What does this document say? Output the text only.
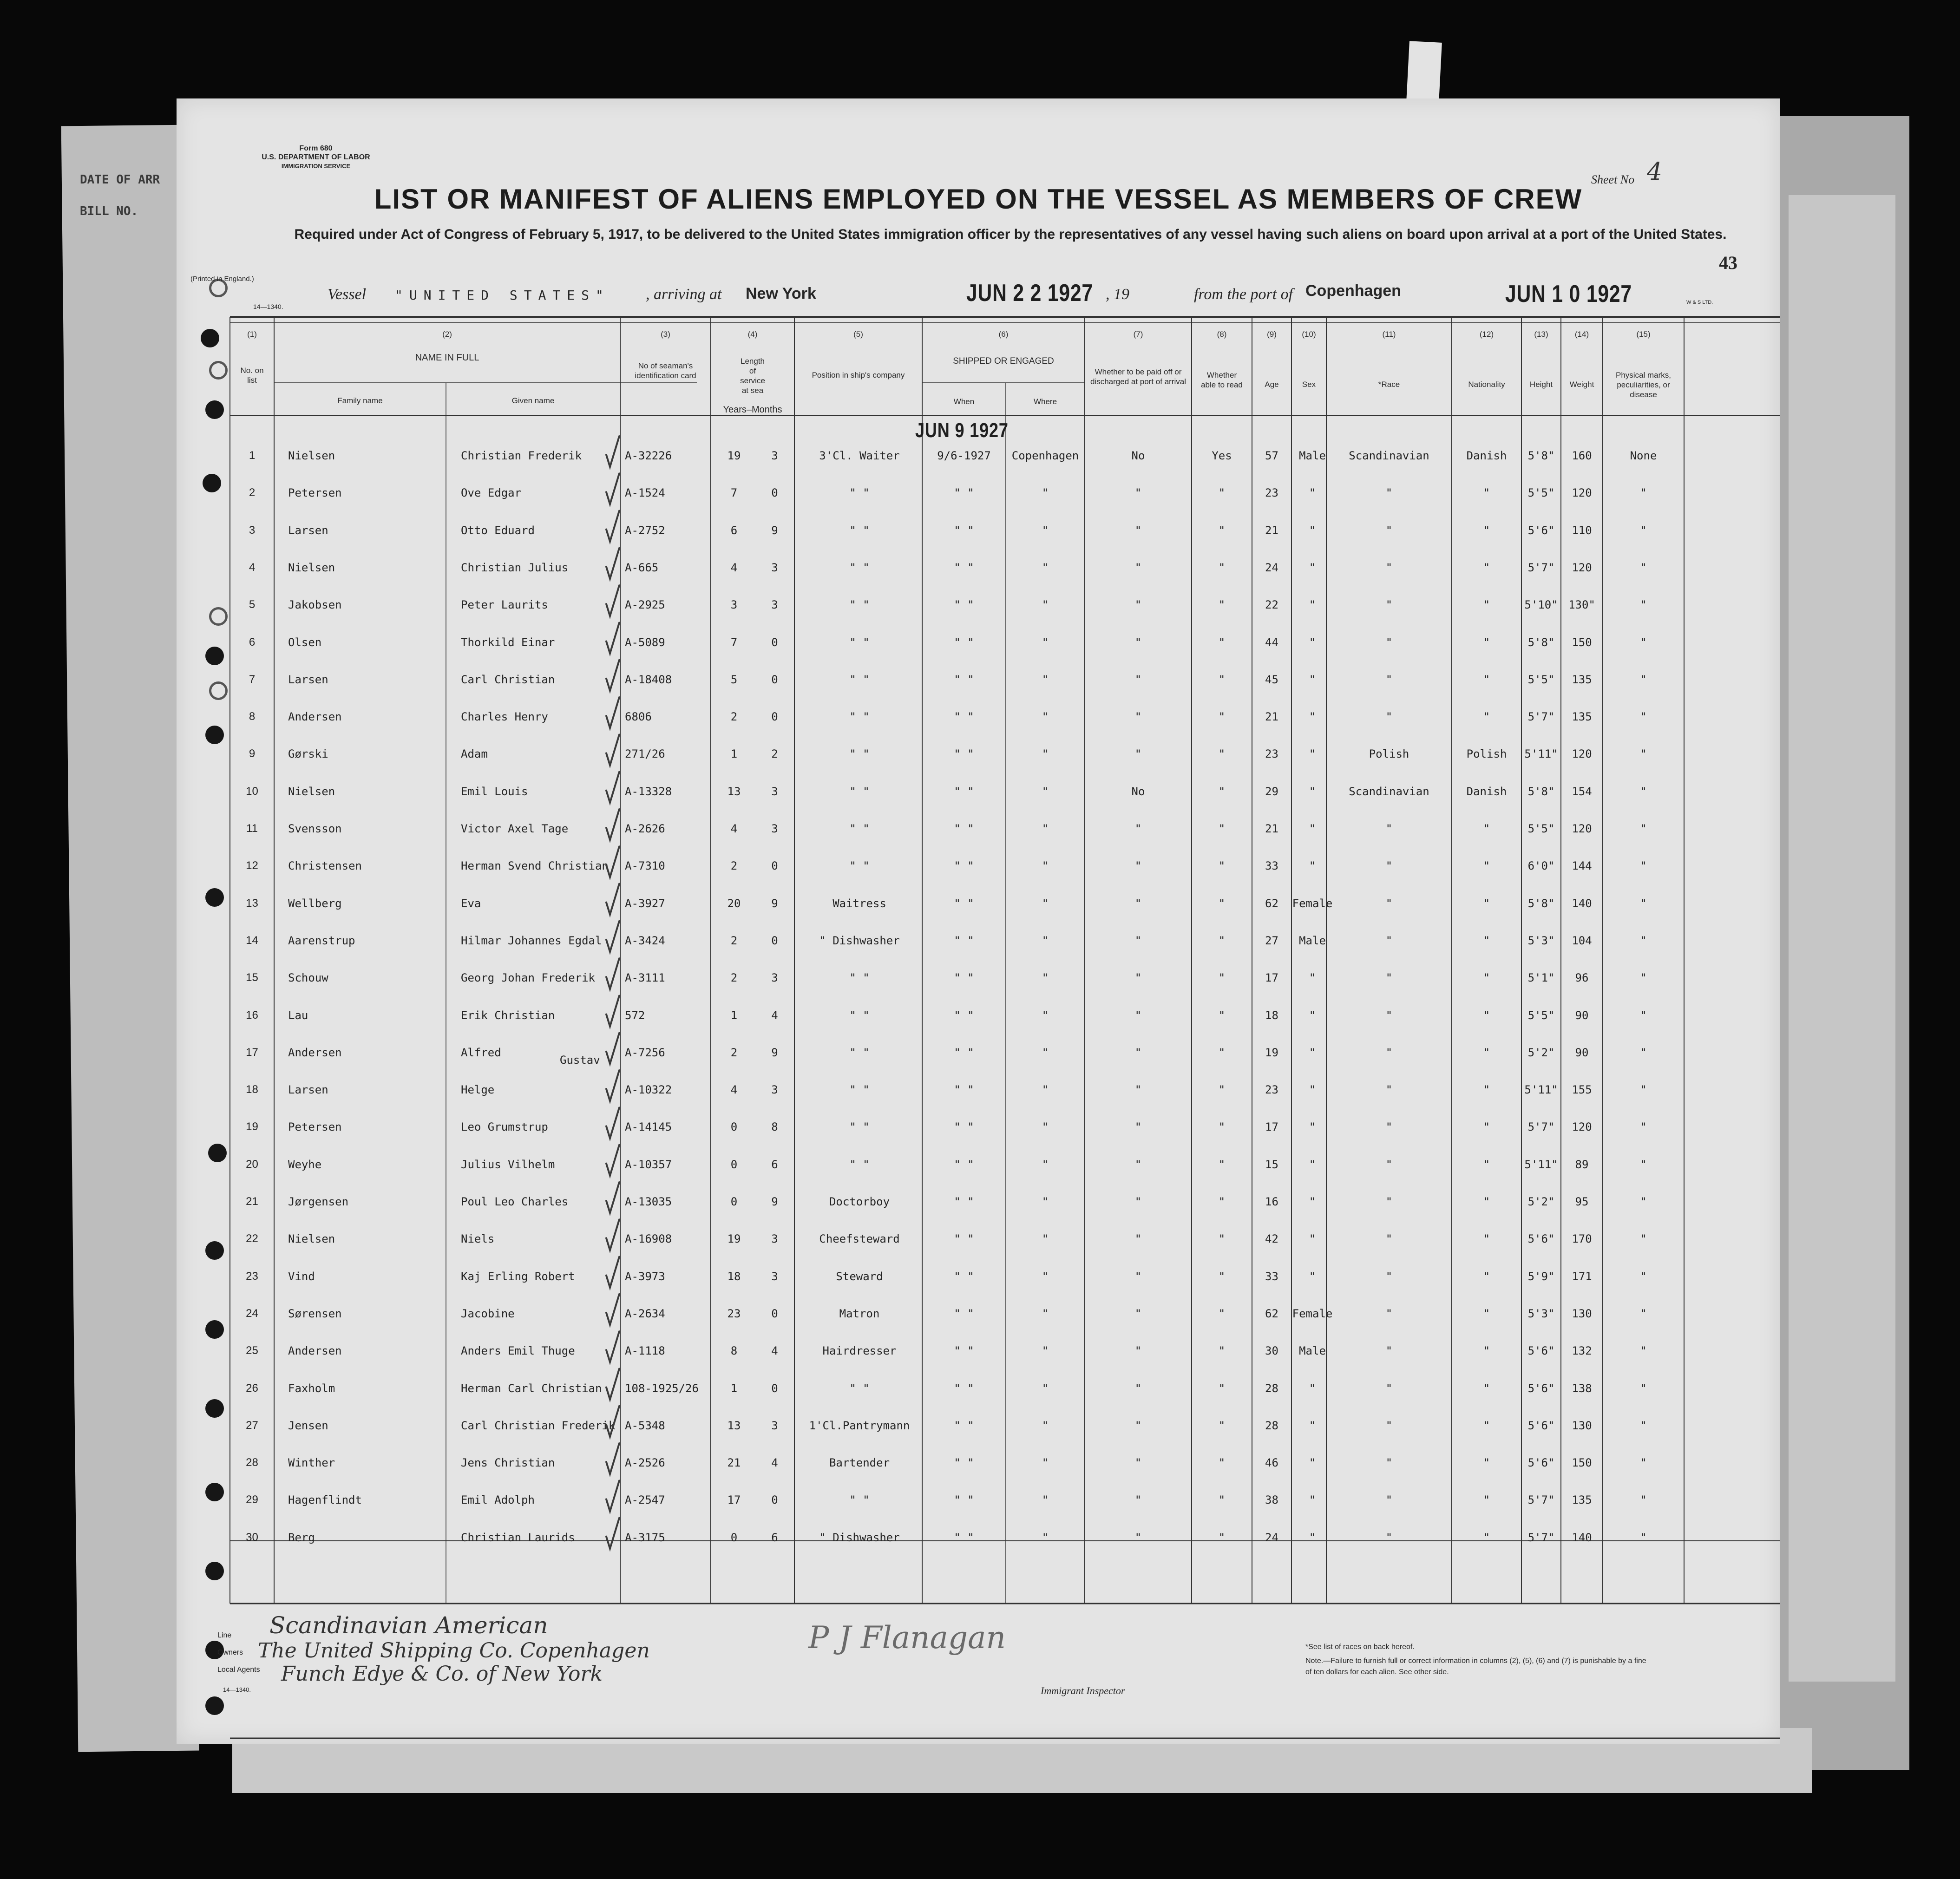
DATE OF ARR
BILL NO.
Form 680
U.S. DEPARTMENT OF LABOR
IMMIGRATION SERVICE
(Printed in England.)
14—1340.
Sheet No 4
43
LIST OR MANIFEST OF ALIENS EMPLOYED ON THE VESSEL AS MEMBERS OF CREW
Required under Act of Congress of February 5, 1917, to be delivered to the United States immigration officer by the representatives of any vessel having such aliens on board upon arrival at a port of the United States.
Vessel "UNITED STATES" , arriving at New York	JUN 2 2 1927 , 19	from the port of Copenhagen	JUN 1 0 1927	W & S LTD.
(1)	(2)	(3)	(4)	(5)	(6)	(7)	(8)	(9)	(10)	(11)	(12)	(13)	(14)	(15)
No. on list
NAME IN FULL
Family name	Given name
No of seaman's identification card
Length of service at sea
Years–Months
Position in ship's company
SHIPPED OR ENGAGED
When	Where
Whether to be paid off or discharged at port of arrival
Whether able to read	Age	Sex	*Race	Nationality	Height	Weight
Physical marks, peculiarities, or disease
JUN 9 1927
1	Nielsen	Christian Frederik	A-32226	19	3	3'Cl. Waiter	9/6-1927	Copenhagen	No	Yes	57	Male	Scandinavian	Danish	5'8"	160	None
2	Petersen	Ove Edgar	A-1524	7	0	" "	" "	"	"	"	23	"	"	"	5'5"	120	"
3	Larsen	Otto Eduard	A-2752	6	9	" "	" "	"	"	"	21	"	"	"	5'6"	110	"
4	Nielsen	Christian Julius	A-665	4	3	" "	" "	"	"	"	24	"	"	"	5'7"	120	"
5	Jakobsen	Peter Laurits	A-2925	3	3	" "	" "	"	"	"	22	"	"	"	5'10" 130"	"
6	Olsen	Thorkild Einar	A-5089	7	0	" "	" "	"	"	"	44	"	"	"	5'8"	150	"
7	Larsen	Carl Christian	A-18408	5	0	" "	" "	"	"	"	45	"	"	"	5'5"	135	"
8	Andersen	Charles Henry	6806	2	0	" "	" "	"	"	"	21	"	"	"	5'7"	135	"
9	Gørski	Adam	271/26	1	2	" "	" "	"	"	"	23	"	Polish	Polish	5'11"	120	"
10	Nielsen	Emil Louis	A-13328	13	3	" "	" "	"	No	"	29	"	Scandinavian	Danish	5'8"	154	"
11	Svensson	Victor Axel Tage	A-2626	4	3	" "	" "	"	"	"	21	"	"	"	5'5"	120	"
12	Christensen	Herman Svend Christian	A-7310	2	0	" "	" "	"	"	"	33	"	"	"	6'0"	144	"
13	Wellberg	Eva	A-3927	20	9	Waitress	" "	"	"	"	62	Female	"	"	5'8"	140	"
14	Aarenstrup	Hilmar Johannes Egdal	A-3424	2	0	" Dishwasher	" "	"	"	"	27	Male	"	"	5'3"	104	"
15	Schouw	Georg Johan Frederik	A-3111	2	3	" "	" "	"	"	"	17	"	"	"	5'1"	96	"
16	Lau	Erik Christian	572	1	4	" "	" "	"	"	"	18	"	"	"	5'5"	90	"
17	Andersen	Alfred	A-7256	2	9	" "	" "	"	"	"	19	"	"	"	5'2"	90	"
18	Larsen	Helge	A-10322	4	3	" "	" "	"	"	"	23	"	"	"	5'11"	155	"
19	Petersen	Leo Grumstrup	A-14145	0	8	" "	" "	"	"	"	17	"	"	"	5'7"	120	"
20	Weyhe	Julius Vilhelm	A-10357	0	6	" "	" "	"	"	"	15	"	"	"	5'11"	89	"
21	Jørgensen	Poul Leo Charles	A-13035	0	9	Doctorboy	" "	"	"	"	16	"	"	"	5'2"	95	"
22	Nielsen	Niels	A-16908	19	3	Cheefsteward	" "	"	"	"	42	"	"	"	5'6"	170	"
23	Vind	Kaj Erling Robert	A-3973	18	3	Steward	" "	"	"	"	33	"	"	"	5'9"	171	"
24	Sørensen	Jacobine	A-2634	23	0	Matron	" "	"	"	"	62	Female	"	"	5'3"	130	"
25	Andersen	Anders Emil Thuge	A-1118	8	4	Hairdresser	" "	"	"	"	30	Male	"	"	5'6"	132	"
26	Faxholm	Herman Carl Christian	108-1925/26	1	0	" "	" "	"	"	"	28	"	"	"	5'6"	138	"
27	Jensen	Carl Christian Frederik A-5348	13	3	1'Cl.Pantrymann	" "	"	"	"	28	"	"	"	5'6"	130	"
28	Winther	Jens Christian	A-2526	21	4	Bartender	" "	"	"	"	46	"	"	"	5'6"	150	"
29	Hagenflindt	Emil Adolph	A-2547	17	0	" "	" "	"	"	"	38	"	"	"	5'7"	135	"
30	Berg	Christian Laurids	A-3175	0	6	" Dishwasher	" "	"	"	"	24	"	"	"	5'7"	140	"
Gustav
Line
Owners
Local Agents
14—1340.
Scandinavian American
The United Shipping Co. Copenhagen
Funch Edye & Co. of New York
P J Flanagan
Immigrant Inspector
*See list of races on back hereof.
Note.—Failure to furnish full or correct information in columns (2), (5), (6) and (7) is punishable by a fine of ten dollars for each alien. See other side.
